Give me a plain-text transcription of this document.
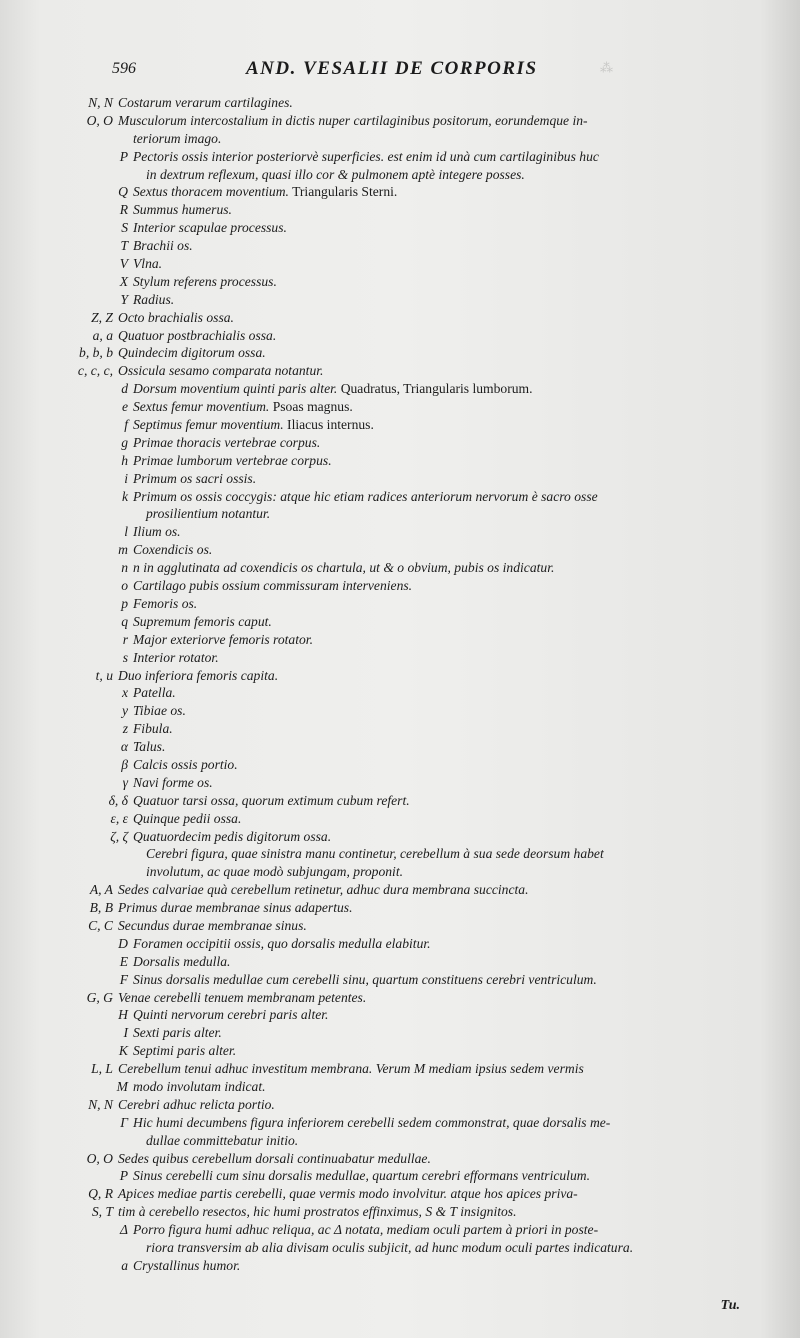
⁂
596	AND. VESALII DE CORPORIS
N, N Costarum verarum cartilagines.
O, O Musculorum intercostalium in dictis nuper cartilaginibus positorum, eorundemque in-
teriorum imago.
P Pectoris ossis interior posteriorvè superficies. est enim id unà cum cartilaginibus huc
in dextrum reflexum, quasi illo cor & pulmonem aptè integere posses.
Q Sextus thoracem moventium. Triangularis Sterni.
R Summus humerus.
S Interior scapulae processus.
T Brachii os.
V Vlna.
X Stylum referens processus.
Y Radius.
Z, Z Octo brachialis ossa.
a, a Quatuor postbrachialis ossa.
b, b, b Quindecim digitorum ossa.
c, c, c, Ossicula sesamo comparata notantur.
d Dorsum moventium quinti paris alter. Quadratus, Triangularis lumborum.
e Sextus femur moventium. Psoas magnus.
f Septimus femur moventium. Iliacus internus.
g Primae thoracis vertebrae corpus.
h Primae lumborum vertebrae corpus.
i Primum os sacri ossis.
k Primum os ossis coccygis: atque hic etiam radices anteriorum nervorum è sacro osse
prosilientium notantur.
l Ilium os.
m Coxendicis os.
n n in agglutinata ad coxendicis os chartula, ut & o obvium, pubis os indicatur.
o Cartilago pubis ossium commissuram interveniens.
p Femoris os.
q Supremum femoris caput.
r Major exteriorve femoris rotator.
s Interior rotator.
t, u Duo inferiora femoris capita.
x Patella.
y Tibiae os.
z Fibula.
α Talus.
β Calcis ossis portio.
γ Navi forme os.
δ, δ Quatuor tarsi ossa, quorum extimum cubum refert.
ε, ε Quinque pedii ossa.
ζ, ζ Quatuordecim pedis digitorum ossa.
Cerebri figura, quae sinistra manu continetur, cerebellum à sua sede deorsum habet
involutum, ac quae modò subjungam, proponit.
A, A Sedes calvariae quà cerebellum retinetur, adhuc dura membrana succincta.
B, B Primus durae membranae sinus adapertus.
C, C Secundus durae membranae sinus.
D Foramen occipitii ossis, quo dorsalis medulla elabitur.
E Dorsalis medulla.
F Sinus dorsalis medullae cum cerebelli sinu, quartum constituens cerebri ventriculum.
G, G Venae cerebelli tenuem membranam petentes.
H Quinti nervorum cerebri paris alter.
I Sexti paris alter.
K Septimi paris alter.
L, L Cerebellum tenui adhuc investitum membrana. Verum M mediam ipsius sedem vermis
M modo involutam indicat.
N, N Cerebri adhuc relicta portio.
Γ Hic humi decumbens figura inferiorem cerebelli sedem commonstrat, quae dorsalis me-
dullae committebatur initio.
O, O Sedes quibus cerebellum dorsali continuabatur medullae.
P Sinus cerebelli cum sinu dorsalis medullae, quartum cerebri efformans ventriculum.
Q, R Apices mediae partis cerebelli, quae vermis modo involvitur. atque hos apices priva-
S, T tim à cerebello resectos, hic humi prostratos effinximus, S & T insignitos.
Δ Porro figura humi adhuc reliqua, ac Δ notata, mediam oculi partem à priori in poste-
riora transversim ab alia divisam oculis subjicit, ad hunc modum oculi partes indicatura.
a Crystallinus humor.
Tu.
